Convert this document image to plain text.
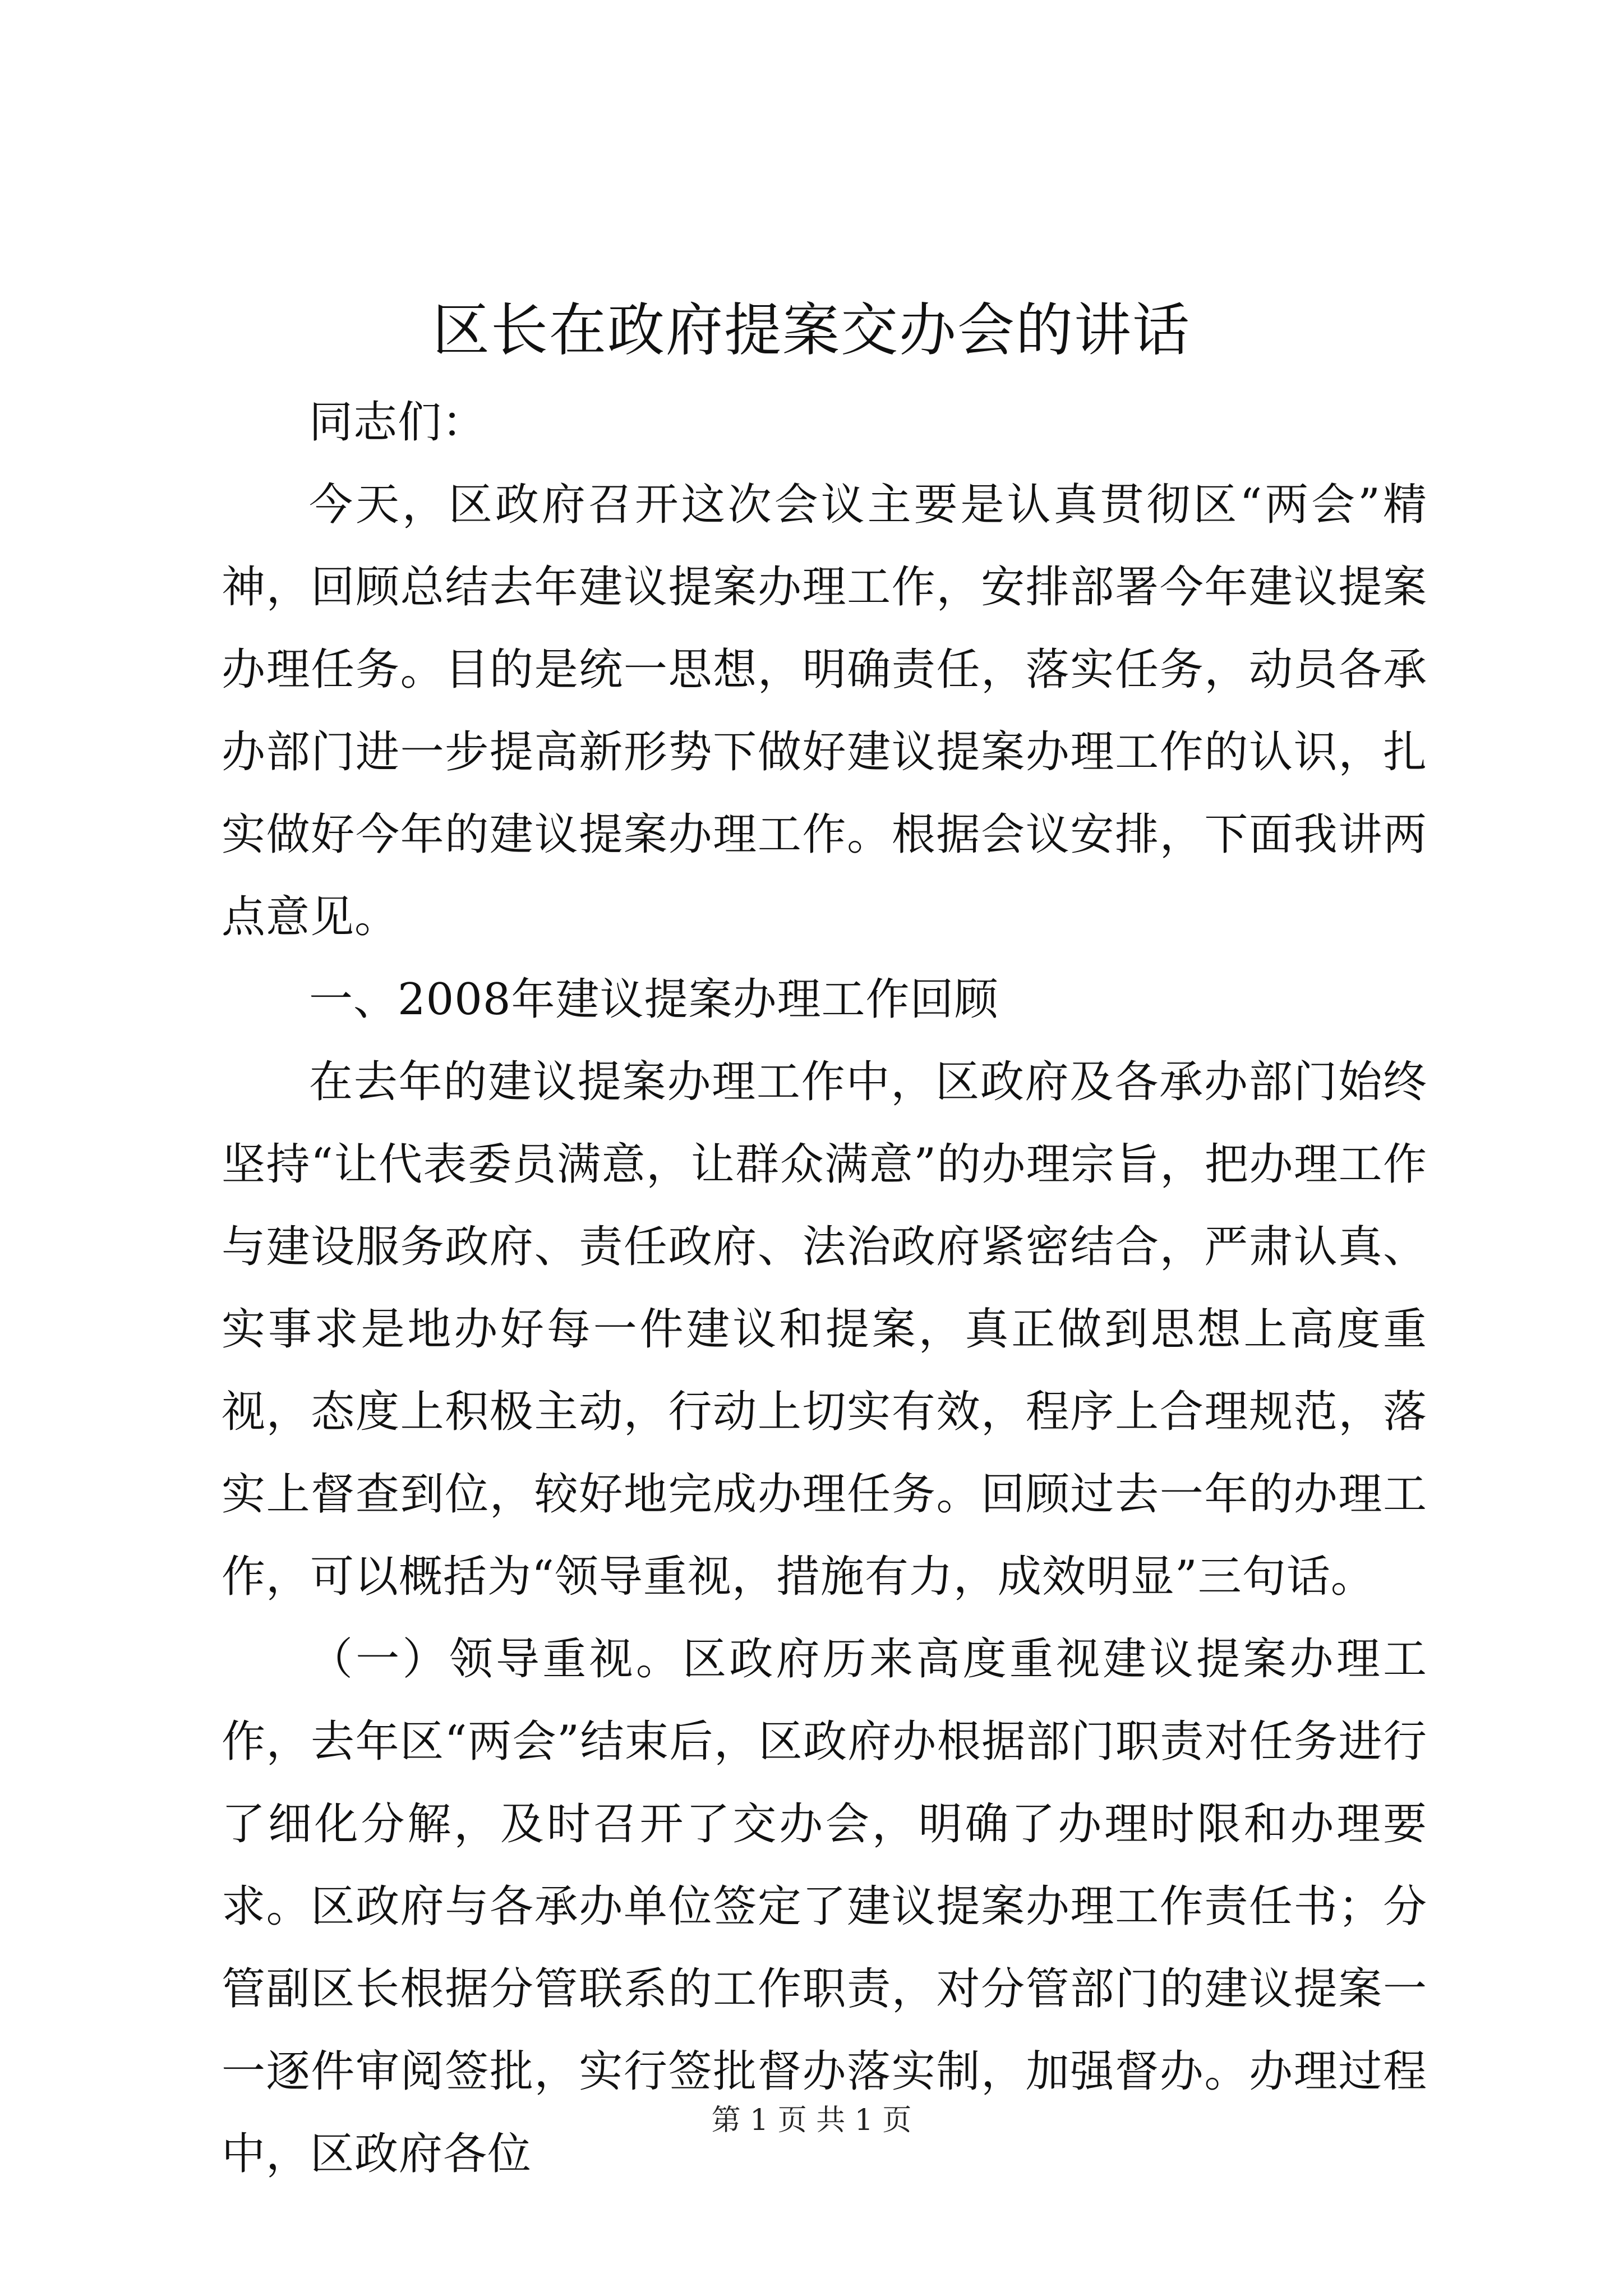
区长在政府提案交办会的讲话

同志们：

今天，区政府召开这次会议主要是认真贯彻区“两会”精神，回顾总结去年建议提案办理工作，安排部署今年建议提案办理任务。目的是统一思想，明确责任，落实任务，动员各承办部门进一步提高新形势下做好建议提案办理工作的认识，扎实做好今年的建议提案办理工作。根据会议安排，下面我讲两点意见。

一、2008年建议提案办理工作回顾

在去年的建议提案办理工作中，区政府及各承办部门始终坚持“让代表委员满意，让群众满意”的办理宗旨，把办理工作与建设服务政府、责任政府、法治政府紧密结合，严肃认真、实事求是地办好每一件建议和提案，真正做到思想上高度重视，态度上积极主动，行动上切实有效，程序上合理规范，落实上督查到位，较好地完成办理任务。回顾过去一年的办理工作，可以概括为“领导重视，措施有力，成效明显”三句话。

（一）领导重视。区政府历来高度重视建议提案办理工作，去年区“两会”结束后，区政府办根据部门职责对任务进行了细化分解，及时召开了交办会，明确了办理时限和办理要求。区政府与各承办单位签定了建议提案办理工作责任书；分管副区长根据分管联系的工作职责，对分管部门的建议提案一一逐件审阅签批，实行签批督办落实制，加强督办。办理过程中，区政府各位

第 1 页 共 1 页
